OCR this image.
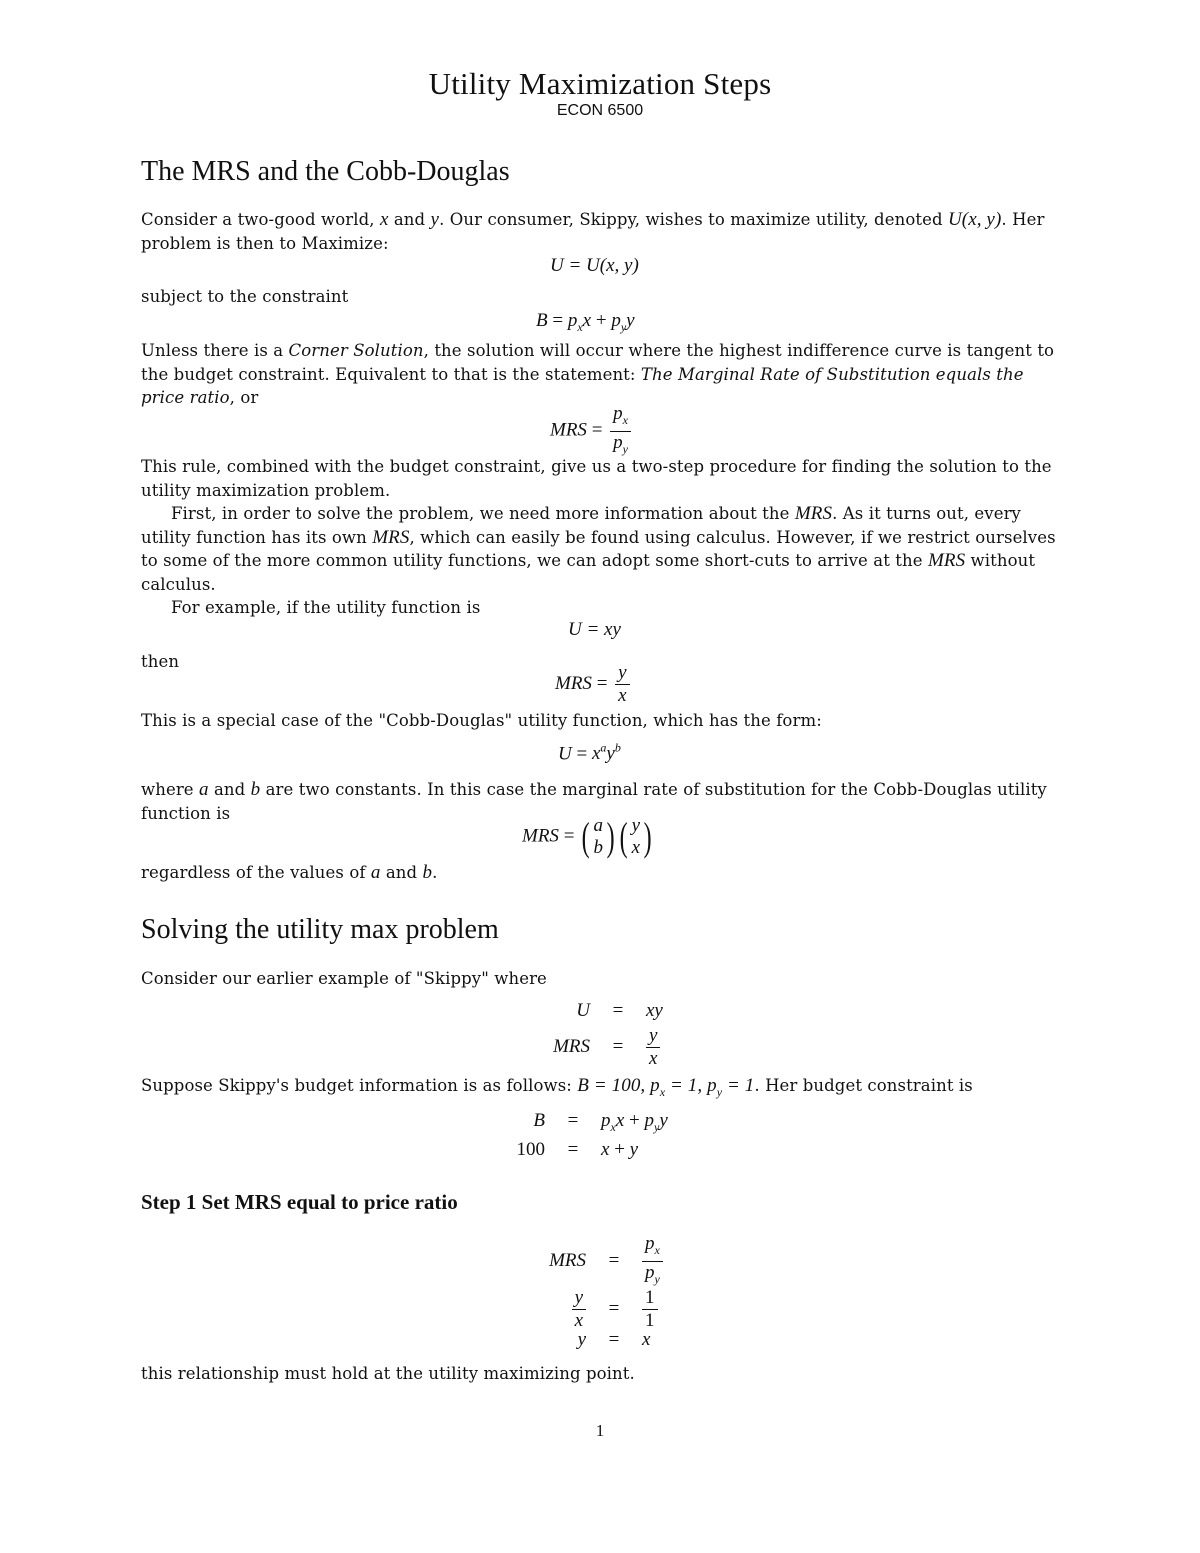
Utility Maximization Steps
ECON 6500
The MRS and the Cobb-Douglas
Consider a two-good world, x and y. Our consumer, Skippy, wishes to maximize utility, denoted U(x, y). Her problem is then to Maximize:
U = U(x, y)
subject to the constraint
$B = p_xx + p_yy$
Unless there is a Corner Solution, the solution will occur where the highest indifference curve is tangent to the budget constraint. Equivalent to that is the statement: The Marginal Rate of Substitution equals the price ratio, or
MRS = $\frac{p_x}{p_y}$
This rule, combined with the budget constraint, give us a two-step procedure for finding the solution to the utility maximization problem.
First, in order to solve the problem, we need more information about the MRS. As it turns out, every utility function has its own MRS, which can easily be found using calculus. However, if we restrict ourselves to some of the more common utility functions, we can adopt some short-cuts to arrive at the MRS without calculus.
For example, if the utility function is
U = xy
then
MRS = $\frac{y}{x}$
This is a special case of the "Cobb-Douglas" utility function, which has the form:
$U = x^ay^b$
where a and b are two constants. In this case the marginal rate of substitution for the Cobb-Douglas utility function is
MRS = ( a
b ) ( y
x )
regardless of the values of a and b.
Solving the utility max problem
Consider our earlier example of "Skippy" where
U = xy
MRS = $\frac{y}{x}$
Suppose Skippy's budget information is as follows: B = 100, $p_x = 1$, $p_y = 1$. Her budget constraint is
$B = p_xx + p_yy$
100 = x + y
Step 1 Set MRS equal to price ratio
MRS = $\frac{p_x}{p_y}$
$\frac{y}{x} = \frac{1}{1}$
y = x
this relationship must hold at the utility maximizing point.
1
